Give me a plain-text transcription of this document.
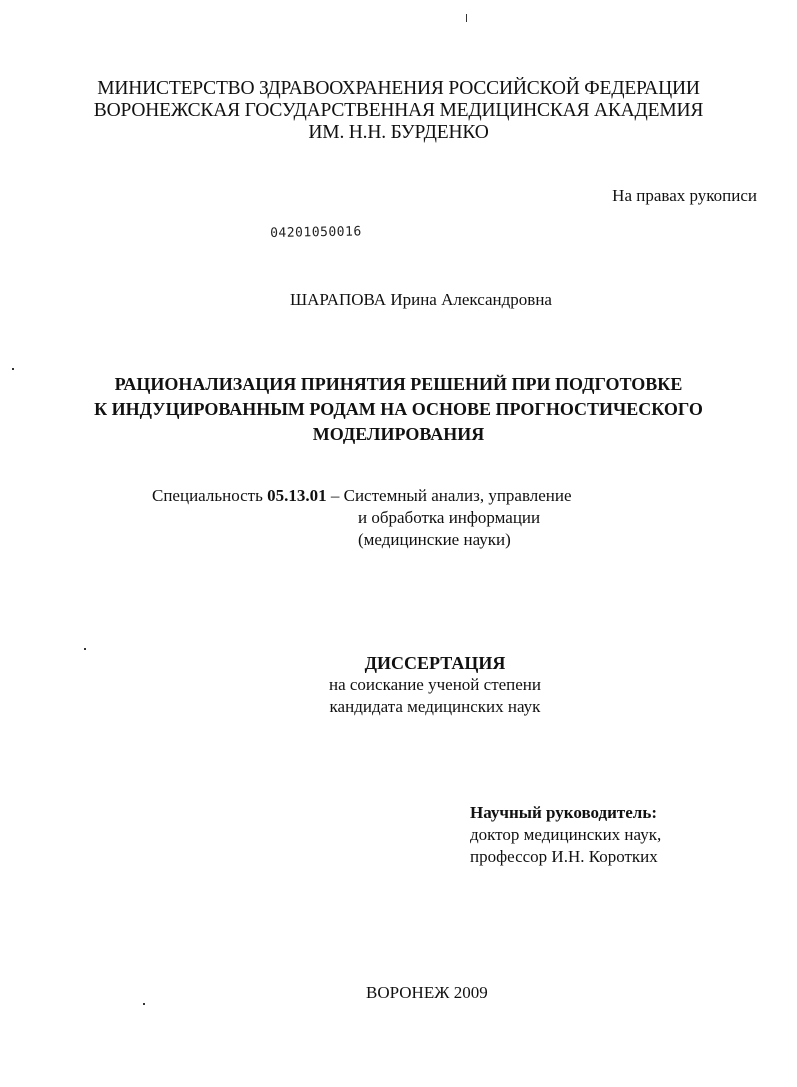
МИНИСТЕРСТВО ЗДРАВООХРАНЕНИЯ РОССИЙСКОЙ ФЕДЕРАЦИИ
ВОРОНЕЖСКАЯ ГОСУДАРСТВЕННАЯ МЕДИЦИНСКАЯ АКАДЕМИЯ
ИМ. Н.Н. БУРДЕНКО
На правах рукописи
04201050016
ШАРАПОВА Ирина Александровна
РАЦИОНАЛИЗАЦИЯ ПРИНЯТИЯ РЕШЕНИЙ ПРИ ПОДГОТОВКЕ
К ИНДУЦИРОВАННЫМ РОДАМ НА ОСНОВЕ ПРОГНОСТИЧЕСКОГО
МОДЕЛИРОВАНИЯ
Специальность 05.13.01 – Системный анализ, управление
и обработка информации
(медицинские науки)
ДИССЕРТАЦИЯ
на соискание ученой степени
кандидата медицинских наук
Научный руководитель:
доктор медицинских наук,
профессор И.Н. Коротких
ВОРОНЕЖ 2009
